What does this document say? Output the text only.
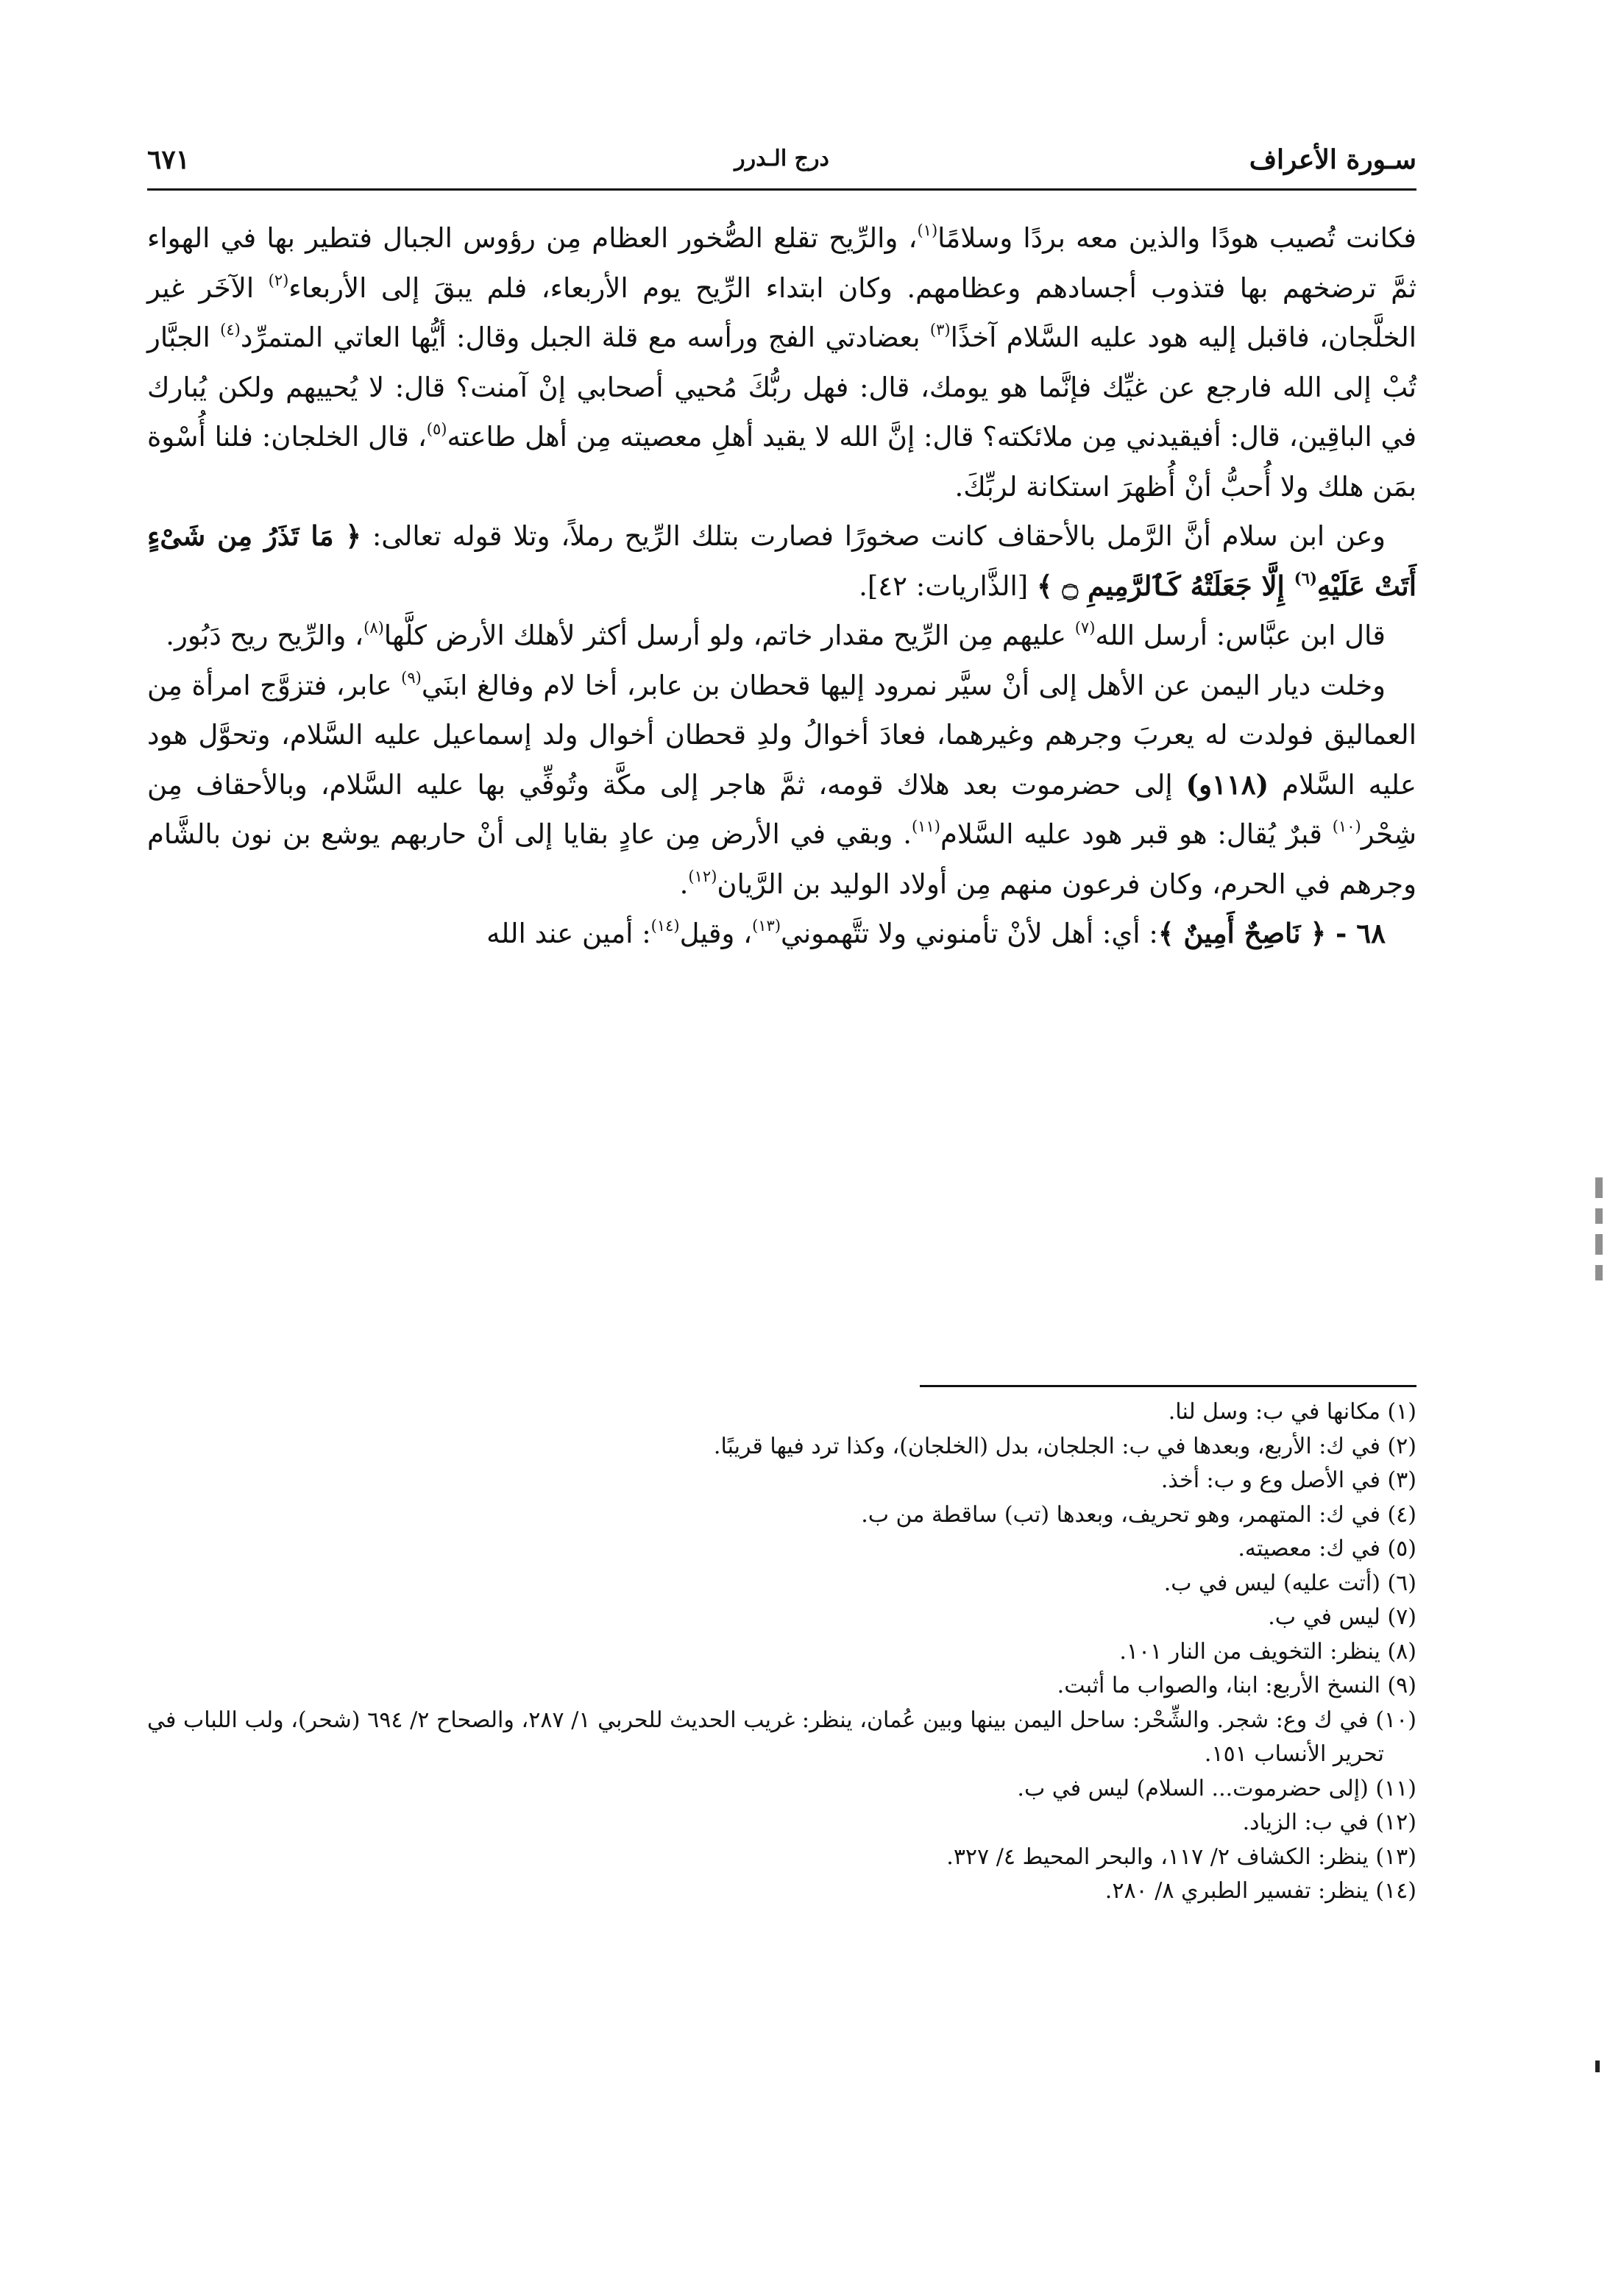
سـورة الأعراف
درج الـدرر
٦٧١

فكانت تُصيب هودًا والذين معه بردًا وسلامًا$^{(١)}$، والرِّيح تقلع الصُّخور العظام مِن رؤوس الجبال فتطير بها في الهواء ثمَّ ترضخهم بها فتذوب أجسادهم وعظامهم. وكان ابتداء الرِّيح يوم الأربعاء، فلم يبقَ إلى الأربعاء$^{(٢)}$ الآخَر غير الخلَّجان، فاقبل إليه هود عليه السَّلام آخذًا$^{(٣)}$ بعضادتي الفج ورأسه مع قلة الجبل وقال: أيُّها العاتي المتمرِّد$^{(٤)}$ الجبَّار تُبْ إلى الله فارجع عن غيِّك فإنَّما هو يومك، قال: فهل ربُّكَ مُحيي أصحابي إنْ آمنت؟ قال: لا يُحييهم ولكن يُبارك في الباقِين، قال: أفيقيدني مِن ملائكته؟ قال: إنَّ الله لا يقيد أهلِ معصيته مِن أهل طاعته$^{(٥)}$، قال الخلجان: فلنا أُسْوة بمَن هلك ولا أُحبُّ أنْ أُظهرَ استكانة لربِّكَ.

وعن ابن سلام أنَّ الرَّمل بالأحقاف كانت صخورًا فصارت بتلك الرِّيح رملاً، وتلا قوله تعالى: ﴿ مَا تَذَرُ مِن شَىْءٍ أَتَتْ عَلَيْهِ$^{(٦)}$ إِلَّا جَعَلَتْهُ كَٱلرَّمِيمِ ۝ ﴾ [الذَّاريات: ٤٢].

قال ابن عبَّاس: أرسل الله$^{(٧)}$ عليهم مِن الرِّيح مقدار خاتم، ولو أرسل أكثر لأهلك الأرض كلَّها$^{(٨)}$، والرِّيح ريح دَبُور.

وخلت ديار اليمن عن الأهل إلى أنْ سيَّر نمرود إليها قحطان بن عابر، أخا لام وفالغ ابنَي$^{(٩)}$ عابر، فتزوَّج امرأة مِن العماليق فولدت له يعربَ وجرهم وغيرهما، فعادَ أخوالُ ولدِ قحطان أخوال ولد إسماعيل عليه السَّلام، وتحوَّل هود عليه السَّلام (١١٨و) إلى حضرموت بعد هلاك قومه، ثمَّ هاجر إلى مكَّة وتُوفِّي بها عليه السَّلام، وبالأحقاف مِن شِحْر$^{(١٠)}$ قبرٌ يُقال: هو قبر هود عليه السَّلام$^{(١١)}$. وبقي في الأرض مِن عادٍ بقايا إلى أنْ حاربهم يوشع بن نون بالشَّام وجرهم في الحرم، وكان فرعون منهم مِن أولاد الوليد بن الرَّيان$^{(١٢)}$.

٦٨ - ﴿ نَاصِحٌ أَمِينٌ ﴾: أي: أهل لأنْ تأمنوني ولا تتَّهموني$^{(١٣)}$، وقيل$^{(١٤)}$: أمين عند الله

(١) مكانها في ب: وسل لنا.

(٢) في ك: الأربع، وبعدها في ب: الجلجان، بدل (الخلجان)، وكذا ترد فيها قريبًا.

(٣) في الأصل وع و ب: أخذ.

(٤) في ك: المتهمر، وهو تحريف، وبعدها (تب) ساقطة من ب.

(٥) في ك: معصيته.

(٦) (أتت عليه) ليس في ب.

(٧) ليس في ب.

(٨) ينظر: التخويف من النار ١٠١.

(٩) النسخ الأربع: ابنا، والصواب ما أثبت.

(١٠) في ك وع: شجر. والشِّحْر: ساحل اليمن بينها وبين عُمان، ينظر: غريب الحديث للحربي ١/ ٢٨٧، والصحاح ٢/ ٦٩٤ (شحر)، ولب اللباب في تحرير الأنساب ١٥١.

(١١) (إلى حضرموت... السلام) ليس في ب.

(١٢) في ب: الزياد.

(١٣) ينظر: الكشاف ٢/ ١١٧، والبحر المحيط ٤/ ٣٢٧.

(١٤) ينظر: تفسير الطبري ٨/ ٢٨٠.
